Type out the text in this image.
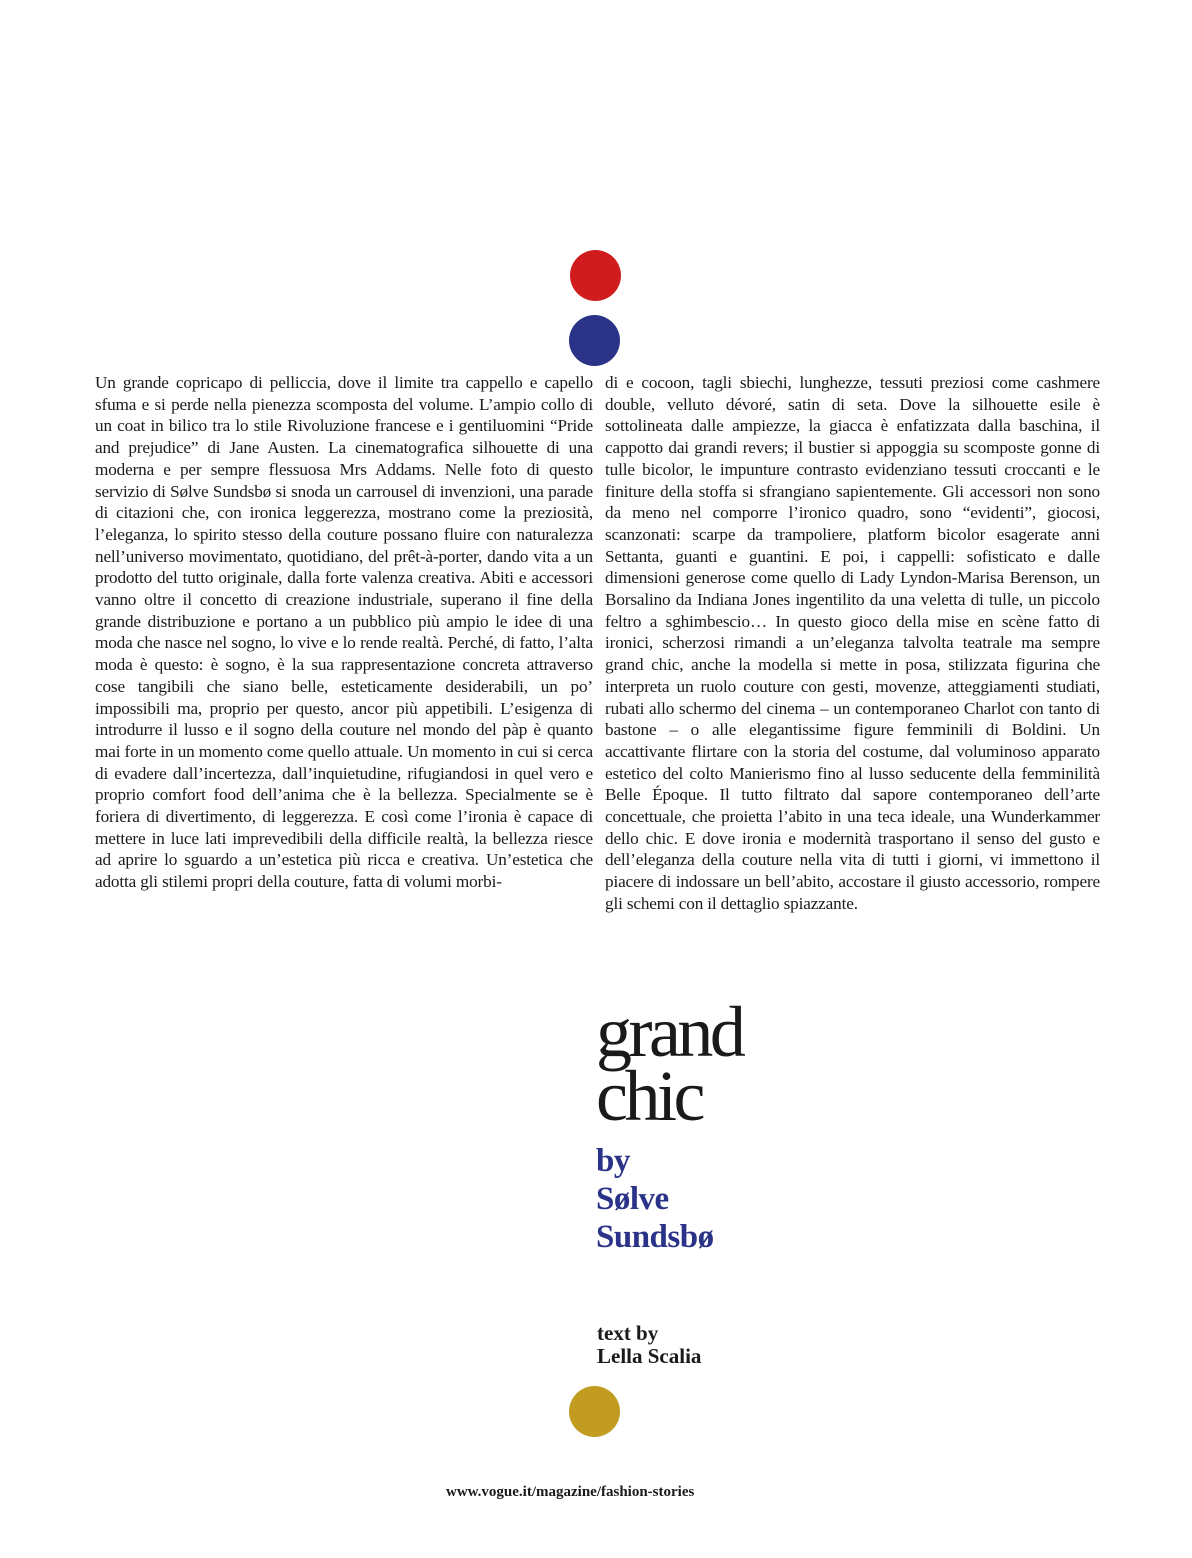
Un grande copricapo di pelliccia, dove il limite tra cappello e capello sfuma e si perde nella pienezza scomposta del volume. L’ampio collo di un coat in bilico tra lo stile Rivoluzione francese e i gentiluomini “Pride and prejudice” di Jane Austen. La cinematografica silhouette di una moderna e per sempre flessuosa Mrs Addams. Nelle foto di questo servizio di Sølve Sundsbø si snoda un carrousel di invenzioni, una parade di citazioni che, con ironica leggerezza, mostrano come la preziosità, l’eleganza, lo spirito stesso della couture possano fluire con naturalezza nell’universo movimentato, quotidiano, del prêt-à-porter, dando vita a un prodotto del tutto originale, dalla forte valenza creativa. Abiti e accessori vanno oltre il concetto di creazione industriale, superano il fine della grande distribuzione e portano a un pubblico più ampio le idee di una moda che nasce nel sogno, lo vive e lo rende realtà. Perché, di fatto, l’alta moda è questo: è sogno, è la sua rappresentazione concreta attraverso cose tangibili che siano belle, esteticamente desiderabili, un po’ impossibili ma, proprio per questo, ancor più appetibili. L’esigenza di introdurre il lusso e il sogno della couture nel mondo del pàp è quanto mai forte in un momento come quello attuale. Un momento in cui si cerca di evadere dall’incertezza, dall’inquietudine, rifugiandosi in quel vero e proprio comfort food dell’anima che è la bellezza. Specialmente se è foriera di divertimento, di leggerezza. E così come l’ironia è capace di mettere in luce lati imprevedibili della difficile realtà, la bellezza riesce ad aprire lo sguardo a un’estetica più ricca e creativa. Un’estetica che adotta gli stilemi propri della couture, fatta di volumi morbi-

di e cocoon, tagli sbiechi, lunghezze, tessuti preziosi come cashmere double, velluto dévoré, satin di seta. Dove la silhouette esile è sottolineata dalle ampiezze, la giacca è enfatizzata dalla baschina, il cappotto dai grandi revers; il bustier si appoggia su scomposte gonne di tulle bicolor, le impunture contrasto evidenziano tessuti croccanti e le finiture della stoffa si sfrangiano sapientemente. Gli accessori non sono da meno nel comporre l’ironico quadro, sono “evidenti”, giocosi, scanzonati: scarpe da trampoliere, platform bicolor esagerate anni Settanta, guanti e guantini. E poi, i cappelli: sofisticato e dalle dimensioni generose come quello di Lady Lyndon-Marisa Berenson, un Borsalino da Indiana Jones ingentilito da una veletta di tulle, un piccolo feltro a sghimbescio… In questo gioco della mise en scène fatto di ironici, scherzosi rimandi a un’eleganza talvolta teatrale ma sempre grand chic, anche la modella si mette in posa, stilizzata figurina che interpreta un ruolo couture con gesti, movenze, atteggiamenti studiati, rubati allo schermo del cinema – un contemporaneo Charlot con tanto di bastone – o alle elegantissime figure femminili di Boldini. Un accattivante flirtare con la storia del costume, dal voluminoso apparato estetico del colto Manierismo fino al lusso seducente della femminilità Belle Époque. Il tutto filtrato dal sapore contemporaneo dell’arte concettuale, che proietta l’abito in una teca ideale, una Wunderkammer dello chic. E dove ironia e modernità trasportano il senso del gusto e dell’eleganza della couture nella vita di tutti i giorni, vi immettono il piacere di indossare un bell’abito, accostare il giusto accessorio, rompere gli schemi con il dettaglio spiazzante.

grand
chic
by
Sølve
Sundsbø
text by
Lella Scalia
www.vogue.it/magazine/fashion-stories
